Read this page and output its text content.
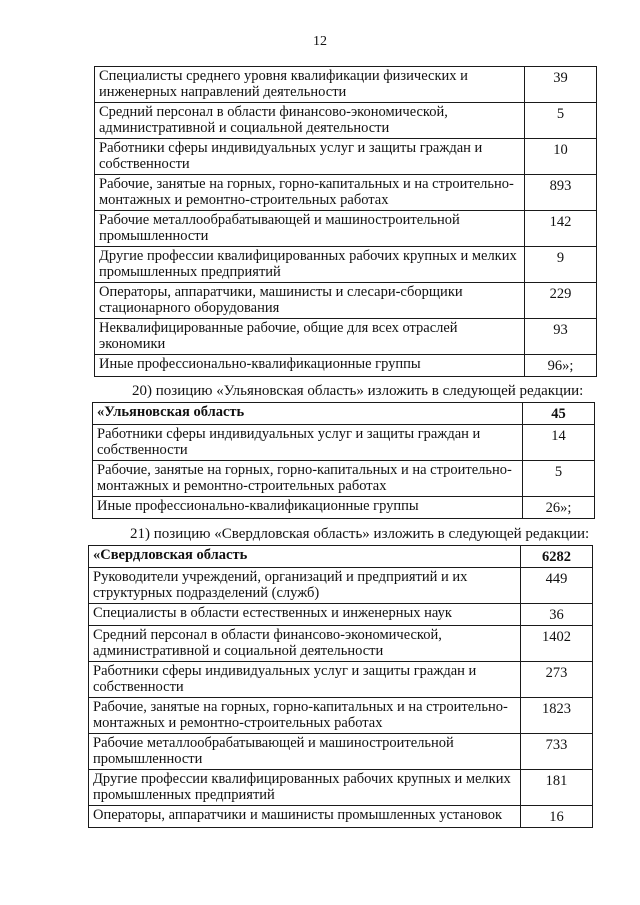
12
Специалисты среднего уровня квалификации физических и инженерных направлений деятельности	39
Средний персонал в области финансово-экономической, административной и социальной деятельности	5
Работники сферы индивидуальных услуг и защиты граждан и собственности	10
Рабочие, занятые на горных, горно-капитальных и на строительно-монтажных и ремонтно-строительных работах	893
Рабочие металлообрабатывающей и машиностроительной промышленности	142
Другие профессии квалифицированных рабочих крупных и мелких промышленных предприятий	9
Операторы, аппаратчики, машинисты и слесари-сборщики стационарного оборудования	229
Неквалифицированные рабочие, общие для всех отраслей экономики	93
Иные профессионально-квалификационные группы	96»;
20) позицию «Ульяновская область» изложить в следующей редакции:
«Ульяновская область	45
Работники сферы индивидуальных услуг и защиты граждан и собственности	14
Рабочие, занятые на горных, горно-капитальных и на строительно-монтажных и ремонтно-строительных работах	5
Иные профессионально-квалификационные группы	26»;
21) позицию «Свердловская область» изложить в следующей редакции:
«Свердловская область	6282
Руководители учреждений, организаций и предприятий и их структурных подразделений (служб)	449
Специалисты в области естественных и инженерных наук	36
Средний персонал в области финансово-экономической, административной и социальной деятельности	1402
Работники сферы индивидуальных услуг и защиты граждан и собственности	273
Рабочие, занятые на горных, горно-капитальных и на строительно-монтажных и ремонтно-строительных работах	1823
Рабочие металлообрабатывающей и машиностроительной промышленности	733
Другие профессии квалифицированных рабочих крупных и мелких промышленных предприятий	181
Операторы, аппаратчики и машинисты промышленных установок	16
